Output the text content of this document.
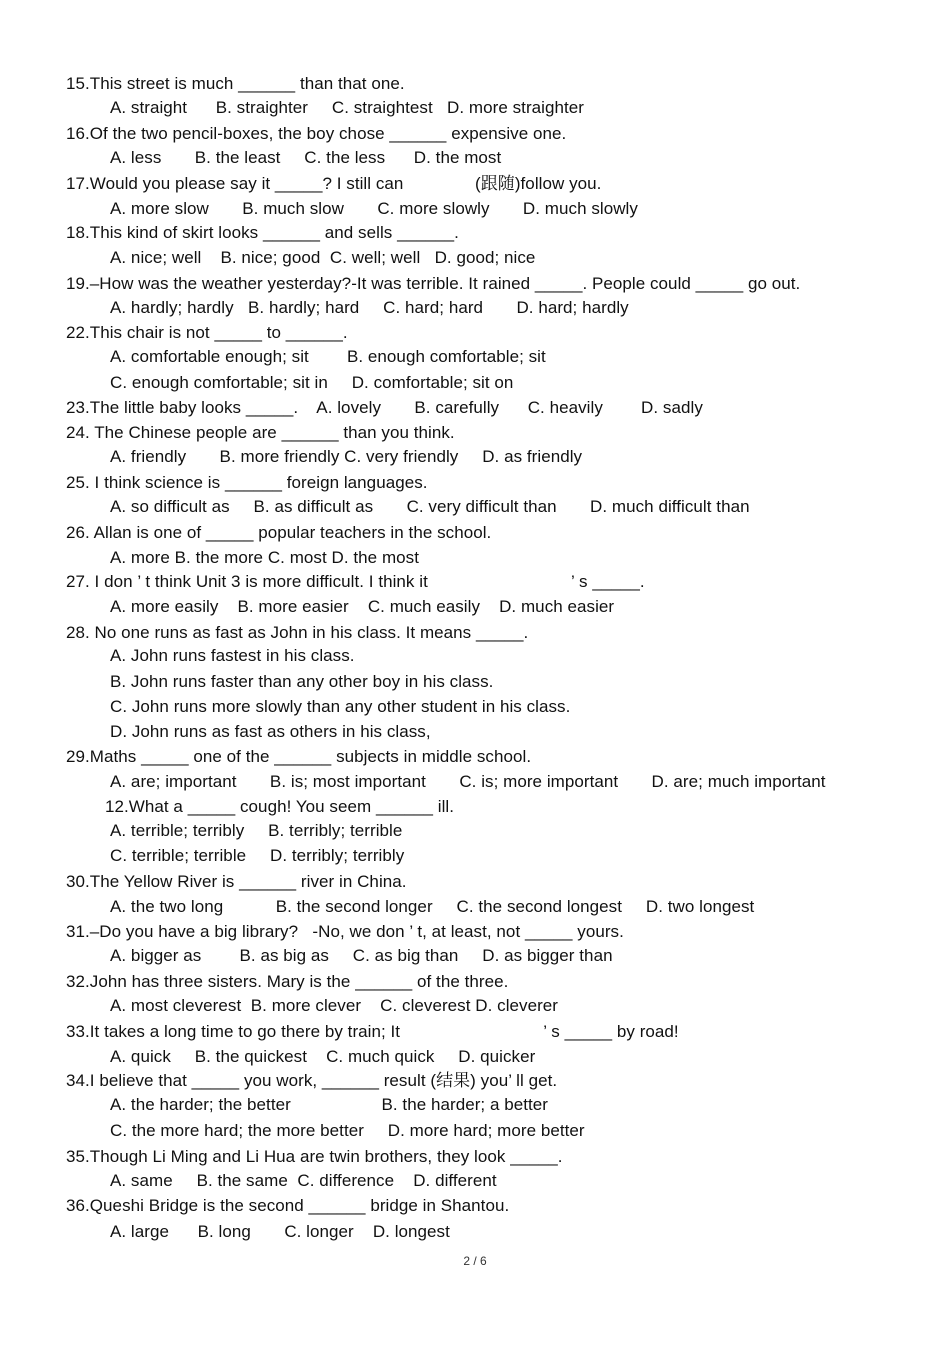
15.This street is much ______ than that one.
A. straight      B. straighter     C. straightest   D. more straighter
16.Of the two pencil-boxes, the boy chose ______ expensive one.
A. less       B. the least     C. the less      D. the most
17.Would you please say it _____? I still can               (跟随)follow you.
A. more slow       B. much slow       C. more slowly       D. much slowly
18.This kind of skirt looks ______ and sells ______.
A. nice; well    B. nice; good  C. well; well   D. good; nice
19.–How was the weather yesterday?-It was terrible. It rained _____. People could _____ go out.
A. hardly; hardly   B. hardly; hard     C. hard; hard       D. hard; hardly
22.This chair is not _____ to ______.
A. comfortable enough; sit        B. enough comfortable; sit
C. enough comfortable; sit in     D. comfortable; sit on
23.The little baby looks _____.    A. lovely       B. carefully      C. heavily        D. sadly
24. The Chinese people are ______ than you think.
A. friendly       B. more friendly C. very friendly     D. as friendly
25. I think science is ______ foreign languages.
A. so difficult as     B. as difficult as       C. very difficult than       D. much difficult than
26. Allan is one of _____ popular teachers in the school.
A. more B. the more C. most D. the most
27. I don ’ t think Unit 3 is more difficult. I think it                              ’ s _____.
A. more easily    B. more easier    C. much easily    D. much easier
28. No one runs as fast as John in his class. It means _____.
A. John runs fastest in his class.
B. John runs faster than any other boy in his class.
C. John runs more slowly than any other student in his class.
D. John runs as fast as others in his class,
29.Maths _____ one of the ______ subjects in middle school.
A. are; important       B. is; most important       C. is; more important       D. are; much important
12.What a _____ cough! You seem ______ ill.
A. terrible; terribly     B. terribly; terrible
C. terrible; terrible     D. terribly; terribly
30.The Yellow River is ______ river in China.
A. the two long           B. the second longer     C. the second longest     D. two longest
31.–Do you have a big library?   -No, we don ’ t, at least, not _____ yours.
A. bigger as        B. as big as     C. as big than     D. as bigger than
32.John has three sisters. Mary is the ______ of the three.
A. most cleverest  B. more clever    C. cleverest D. cleverer
33.It takes a long time to go there by train; It                              ’ s _____ by road!
A. quick     B. the quickest    C. much quick     D. quicker
34.I believe that _____ you work, ______ result (结果) you’ ll get.
A. the harder; the better                   B. the harder; a better
C. the more hard; the more better     D. more hard; more better
35.Though Li Ming and Li Hua are twin brothers, they look _____.
A. same     B. the same  C. difference    D. different
36.Queshi Bridge is the second ______ bridge in Shantou.
A. large      B. long       C. longer    D. longest
2 / 6
